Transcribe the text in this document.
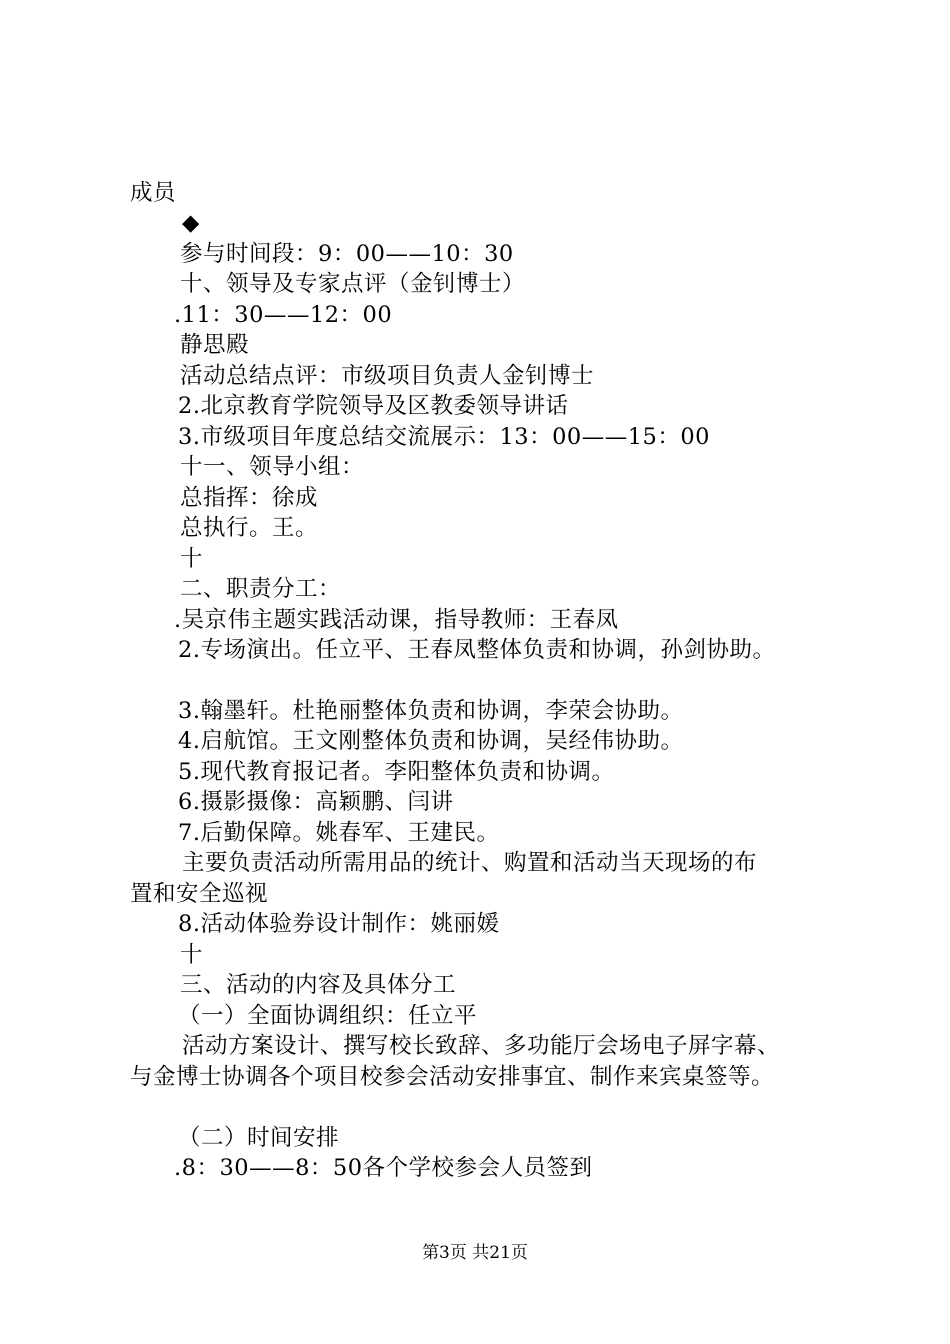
成员
◆
参与时间段：9：00——10：30
十、领导及专家点评（金钊博士）
.11：30——12：00
静思殿
活动总结点评：市级项目负责人金钊博士
2.北京教育学院领导及区教委领导讲话
3.市级项目年度总结交流展示：13：00——15：00
十一、领导小组：
总指挥：徐成
总执行。王。
十
二、职责分工：
.吴京伟主题实践活动课，指导教师：王春凤
2.专场演出。任立平、王春凤整体负责和协调，孙剑协助。
3.翰墨轩。杜艳丽整体负责和协调，李荣会协助。
4.启航馆。王文刚整体负责和协调，吴经伟协助。
5.现代教育报记者。李阳整体负责和协调。
6.摄影摄像：高颖鹏、闫讲
7.后勤保障。姚春军、王建民。
主要负责活动所需用品的统计、购置和活动当天现场的布
置和安全巡视
8.活动体验券设计制作：姚丽媛
十
三、活动的内容及具体分工
（一）全面协调组织：任立平
活动方案设计、撰写校长致辞、多功能厅会场电子屏字幕、
与金博士协调各个项目校参会活动安排事宜、制作来宾桌签等。
（二）时间安排
.8：30——8：50各个学校参会人员签到
第3页 共21页
